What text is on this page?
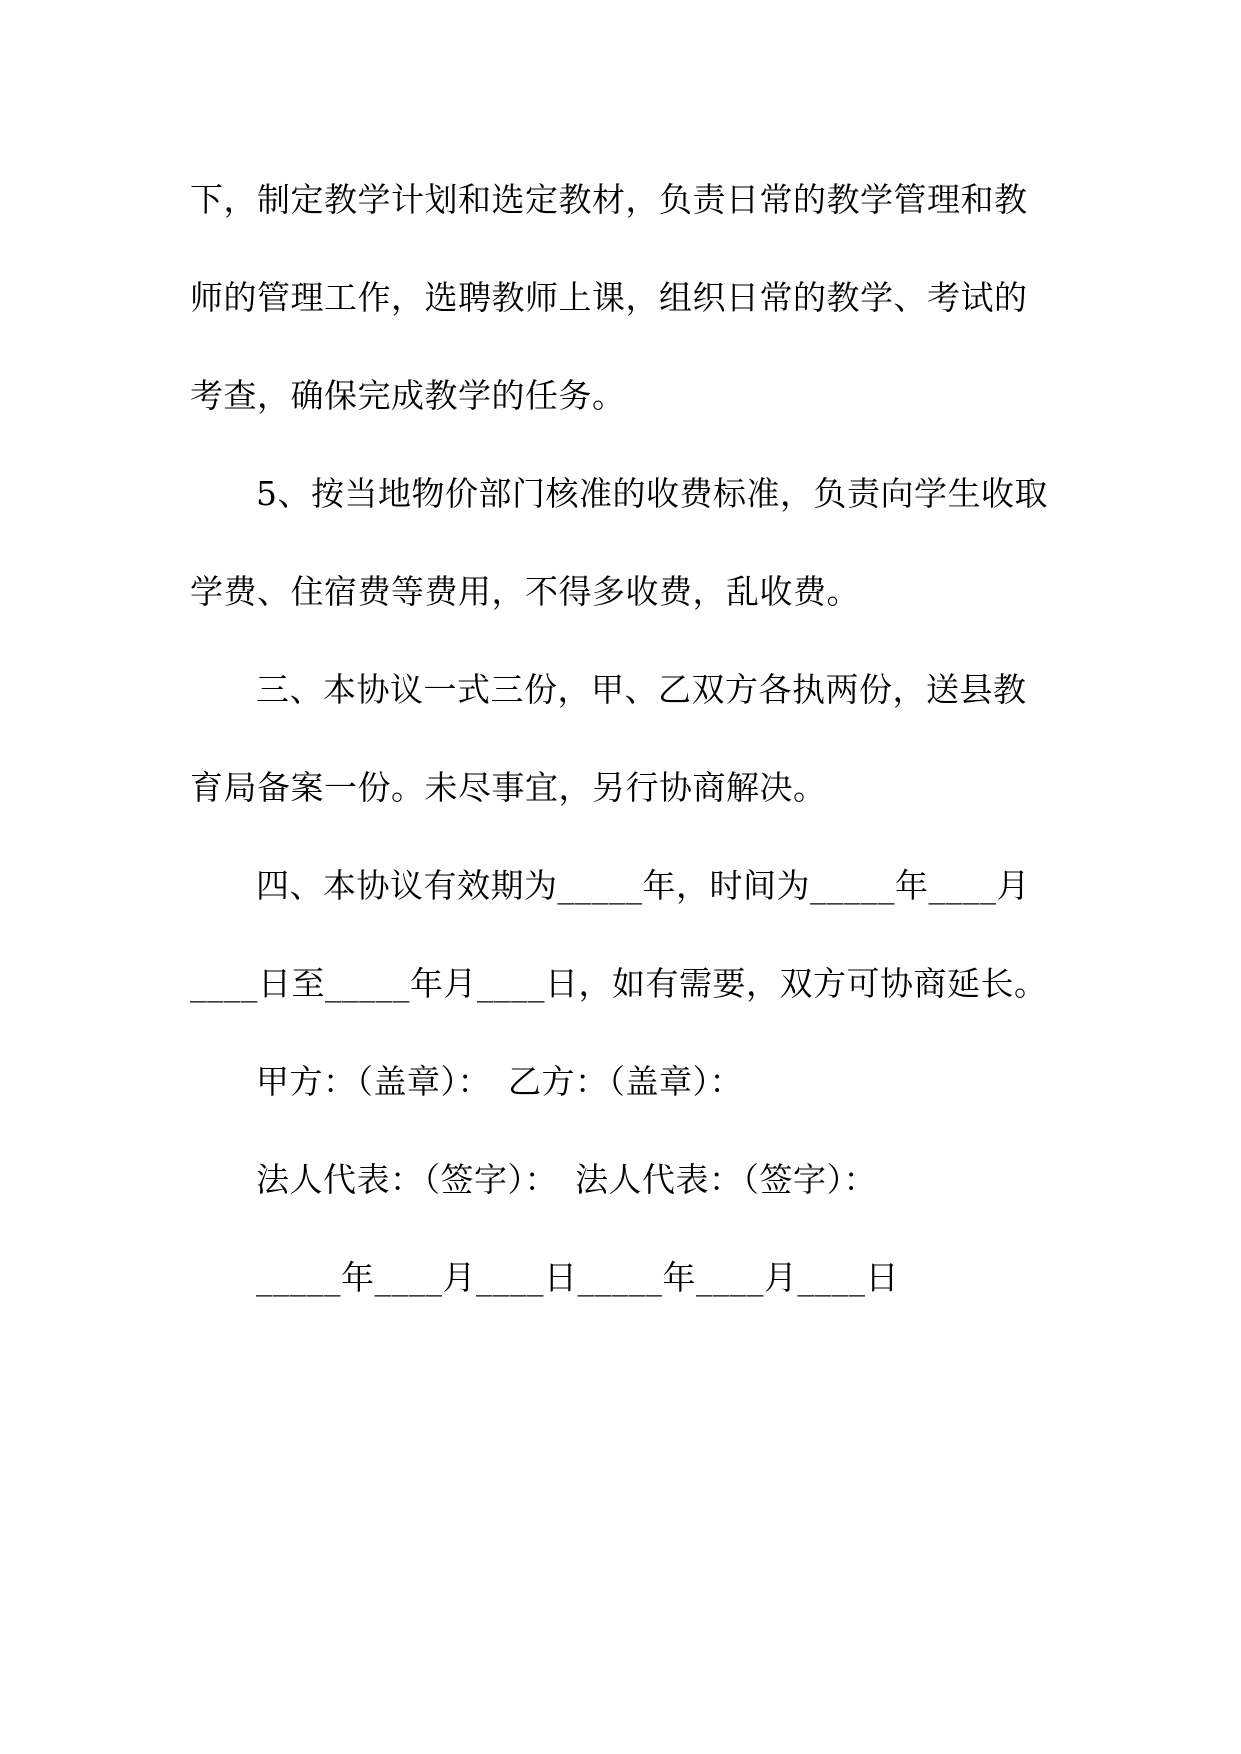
下，制定教学计划和选定教材，负责日常的教学管理和教
师的管理工作，选聘教师上课，组织日常的教学、考试的
考查，确保完成教学的任务。
5、按当地物价部门核准的收费标准，负责向学生收取
学费、住宿费等费用，不得多收费，乱收费。
三、本协议一式三份，甲、乙双方各执两份，送县教
育局备案一份。未尽事宜，另行协商解决。
四、本协议有效期为_____年，时间为_____年____月
____日至_____年月____日，如有需要，双方可协商延长。
甲方：（盖章）：　乙方：（盖章）：
法人代表：（签字）：　法人代表：（签字）：
_____年____月____日_____年____月____日
